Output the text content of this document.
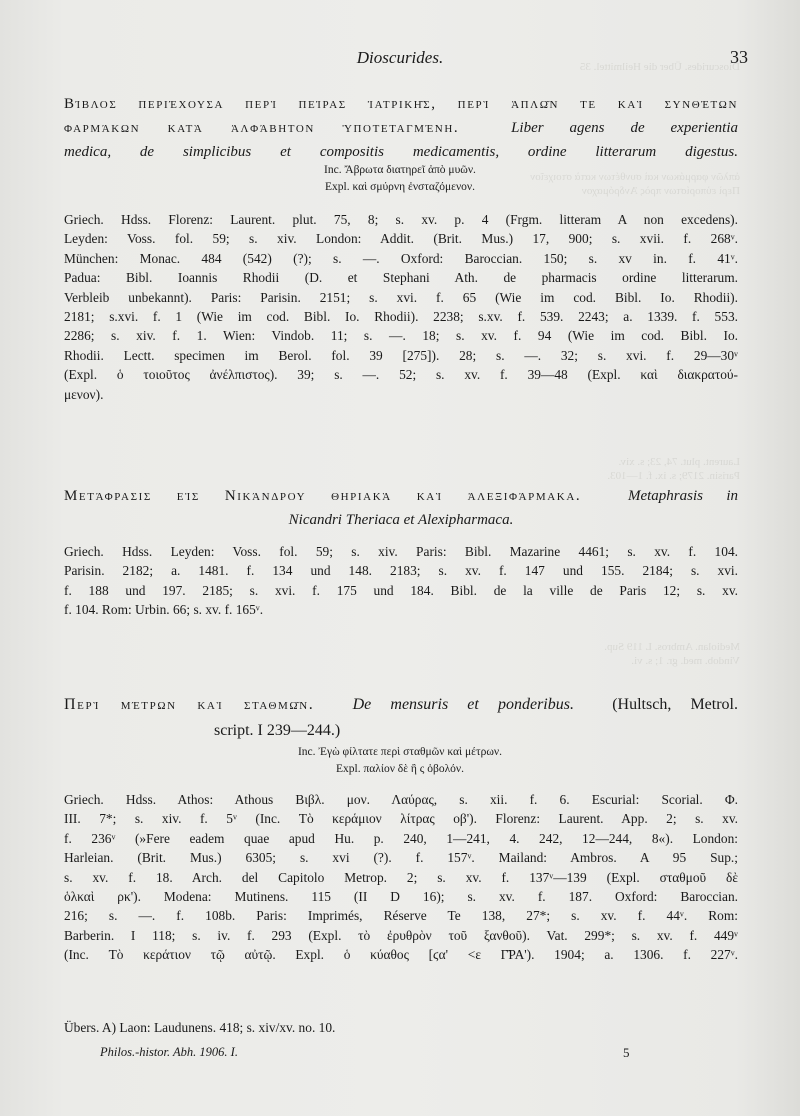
Dioscurides. Über die Heilmittel. 35
ἁπλῶν φαρμάκων καὶ συνθέτων κατὰ στοιχεῖον
Περὶ εὐπορίστων πρὸς Ἀνδρόμαχον
Laurent. plut. 74, 23; s. xiv.
Parisin. 2179; s. ix. f. 1—103.
Mediolan. Ambros. L 119 Sup.
Vindob. med. gr. 1; s. vi.
Dioscurides.	33
Βίβλος περιέχουσα περὶ πείρας ἰατρικῆς, περὶ ἁπλῶν τε καὶ συνθέτων
φαρμάκων κατὰ ἀλφάβητον ὑποτεταγμένη.	Liber agens de experientia
medica, de simplicibus et compositis medicamentis, ordine litterarum digestus.
Inc. Ἄβρωτα διατηρεῖ ἀπὸ μυῶν.
Expl. καὶ σμύρνη ἐνσταζόμενον.
Griech. Hdss. Florenz: Laurent. plut. 75, 8; s. xv. p. 4 (Frgm. litteram A non excedens).
Leyden: Voss. fol. 59; s. xiv. London: Addit. (Brit. Mus.) 17, 900; s. xvii. f. 268ᵛ.
München: Monac. 484 (542) (?); s. —. Oxford: Baroccian. 150; s. xv in. f. 41ᵛ.
Padua: Bibl. Ioannis Rhodii (D. et Stephani Ath. de pharmacis ordine litterarum.
Verbleib unbekannt). Paris: Parisin. 2151; s. xvi. f. 65 (Wie im cod. Bibl. Io. Rhodii).
2181; s.xvi. f. 1 (Wie im cod. Bibl. Io. Rhodii). 2238; s.xv. f. 539. 2243; a. 1339. f. 553.
2286; s. xiv. f. 1. Wien: Vindob. 11; s. —. 18; s. xv. f. 94 (Wie im cod. Bibl. Io.
Rhodii. Lectt. specimen im Berol. fol. 39 [275]). 28; s. —. 32; s. xvi. f. 29—30ᵛ
(Expl. ὁ τοιοῦτος ἀνέλπιστος). 39; s. —. 52; s. xv. f. 39—48 (Expl. καὶ διακρατού-
μενον).
Μετάφρασις εἰς Νικάνδρου θηριακὰ καὶ ἀλεξιφάρμακα.	Metaphrasis in
Nicandri Theriaca et Alexipharmaca.
Griech. Hdss. Leyden: Voss. fol. 59; s. xiv. Paris: Bibl. Mazarine 4461; s. xv. f. 104.
Parisin. 2182; a. 1481. f. 134 und 148. 2183; s. xv. f. 147 und 155. 2184; s. xvi.
f. 188 und 197. 2185; s. xvi. f. 175 und 184. Bibl. de la ville de Paris 12; s. xv.
f. 104. Rom: Urbin. 66; s. xv. f. 165ᵛ.
Περὶ μέτρων καὶ σταθμῶν. De mensuris et ponderibus. (Hultsch, Metrol.
script. I 239—244.)
Inc. Ἐγὼ φίλτατε περὶ σταθμῶν καὶ μέτρων.
Expl. παλίον δὲ ἢ ς ὀβολόν.
Griech. Hdss. Athos: Athous Βιβλ. μον. Λαύρας, s. xii. f. 6. Escurial: Scorial. Φ.
III. 7*; s. xiv. f. 5ᵛ (Inc. Τὸ κεράμιον λίτρας οβ'). Florenz: Laurent. App. 2; s. xv.
f. 236ᵛ (»Fere eadem quae apud Hu. p. 240, 1—241, 4. 242, 12—244, 8«). London:
Harleian. (Brit. Mus.) 6305; s. xvi (?). f. 157ᵛ. Mailand: Ambros. A 95 Sup.;
s. xv. f. 18. Arch. del Capitolo Metrop. 2; s. xv. f. 137ᵛ—139 (Expl. σταθμοῦ δὲ
ὁλκαὶ ρκ'). Modena: Mutinens. 115 (II D 16); s. xv. f. 187. Oxford: Baroccian.
216; s. —. f. 108b. Paris: Imprimés, Réserve Te 138, 27*; s. xv. f. 44ᵛ. Rom:
Barberin. I 118; s. iv. f. 293 (Expl. τὸ ἐρυθρὸν τοῦ ξανθοῦ). Vat. 299*; s. xv. f. 449ᵛ
(Inc. Τὸ κεράτιον τῷ αὐτῷ. Expl. ὁ κύαθος [ϛα' <ε Γ̄ΡΑ'). 1904; a. 1306. f. 227ᵛ.
Übers. A) Laon: Laudunens. 418; s. xiv/xv. no. 10.
Philos.-histor. Abh. 1906. I.	5
